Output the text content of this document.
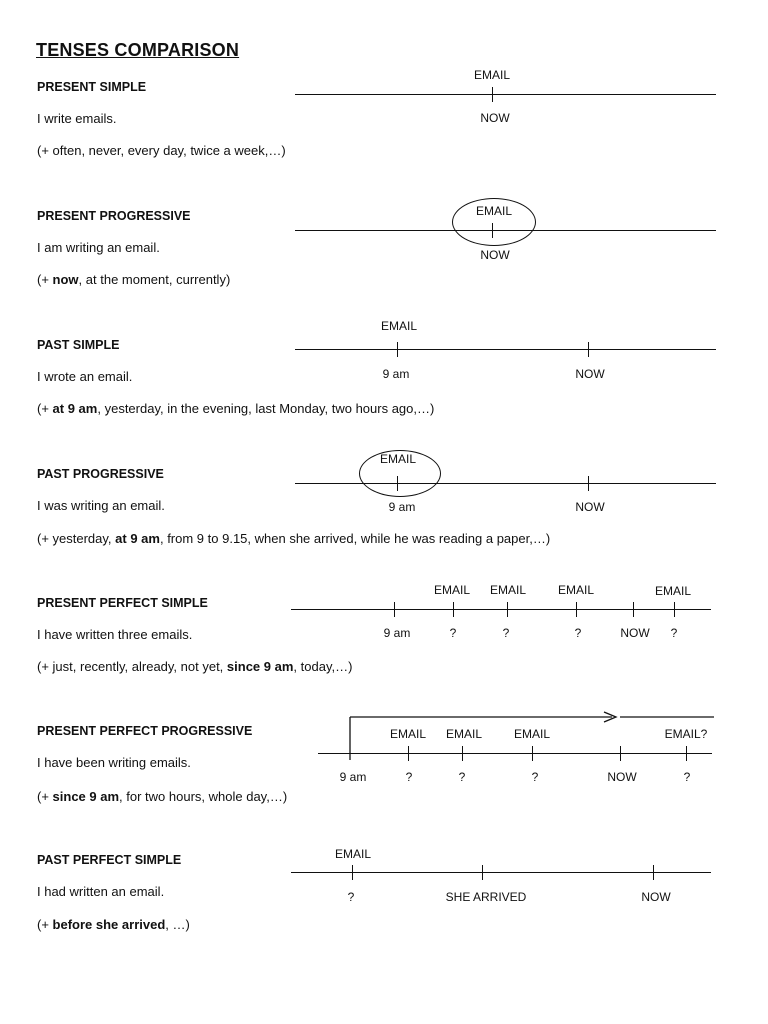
TENSES COMPARISON
PRESENT SIMPLE
I write emails.
(+ often, never, every day, twice a week,…)
EMAIL
NOW
PRESENT PROGRESSIVE
I am writing an email.
(+ now, at the moment, currently)
EMAIL
NOW
PAST SIMPLE
I wrote an email.
(+ at 9 am, yesterday, in the evening, last Monday, two hours ago,…)
EMAIL
9 am	NOW
PAST PROGRESSIVE
I was writing an email.
(+ yesterday, at 9 am, from 9 to 9.15, when she arrived, while he was reading a paper,…)
EMAIL
9 am	NOW
PRESENT PERFECT SIMPLE
I have written three emails.
(+ just, recently, already, not yet, since 9 am, today,…)
EMAIL EMAIL	EMAIL	EMAIL
9 am	?	?	?	NOW ?
PRESENT PERFECT PROGRESSIVE
I have been writing emails.
(+ since 9 am, for two hours, whole day,…)
EMAIL EMAIL	EMAIL	EMAIL?
9 am	?	?	?	NOW	?
PAST PERFECT SIMPLE
I had written an email.
(+ before she arrived, …)
EMAIL
?	SHE ARRIVED	NOW
